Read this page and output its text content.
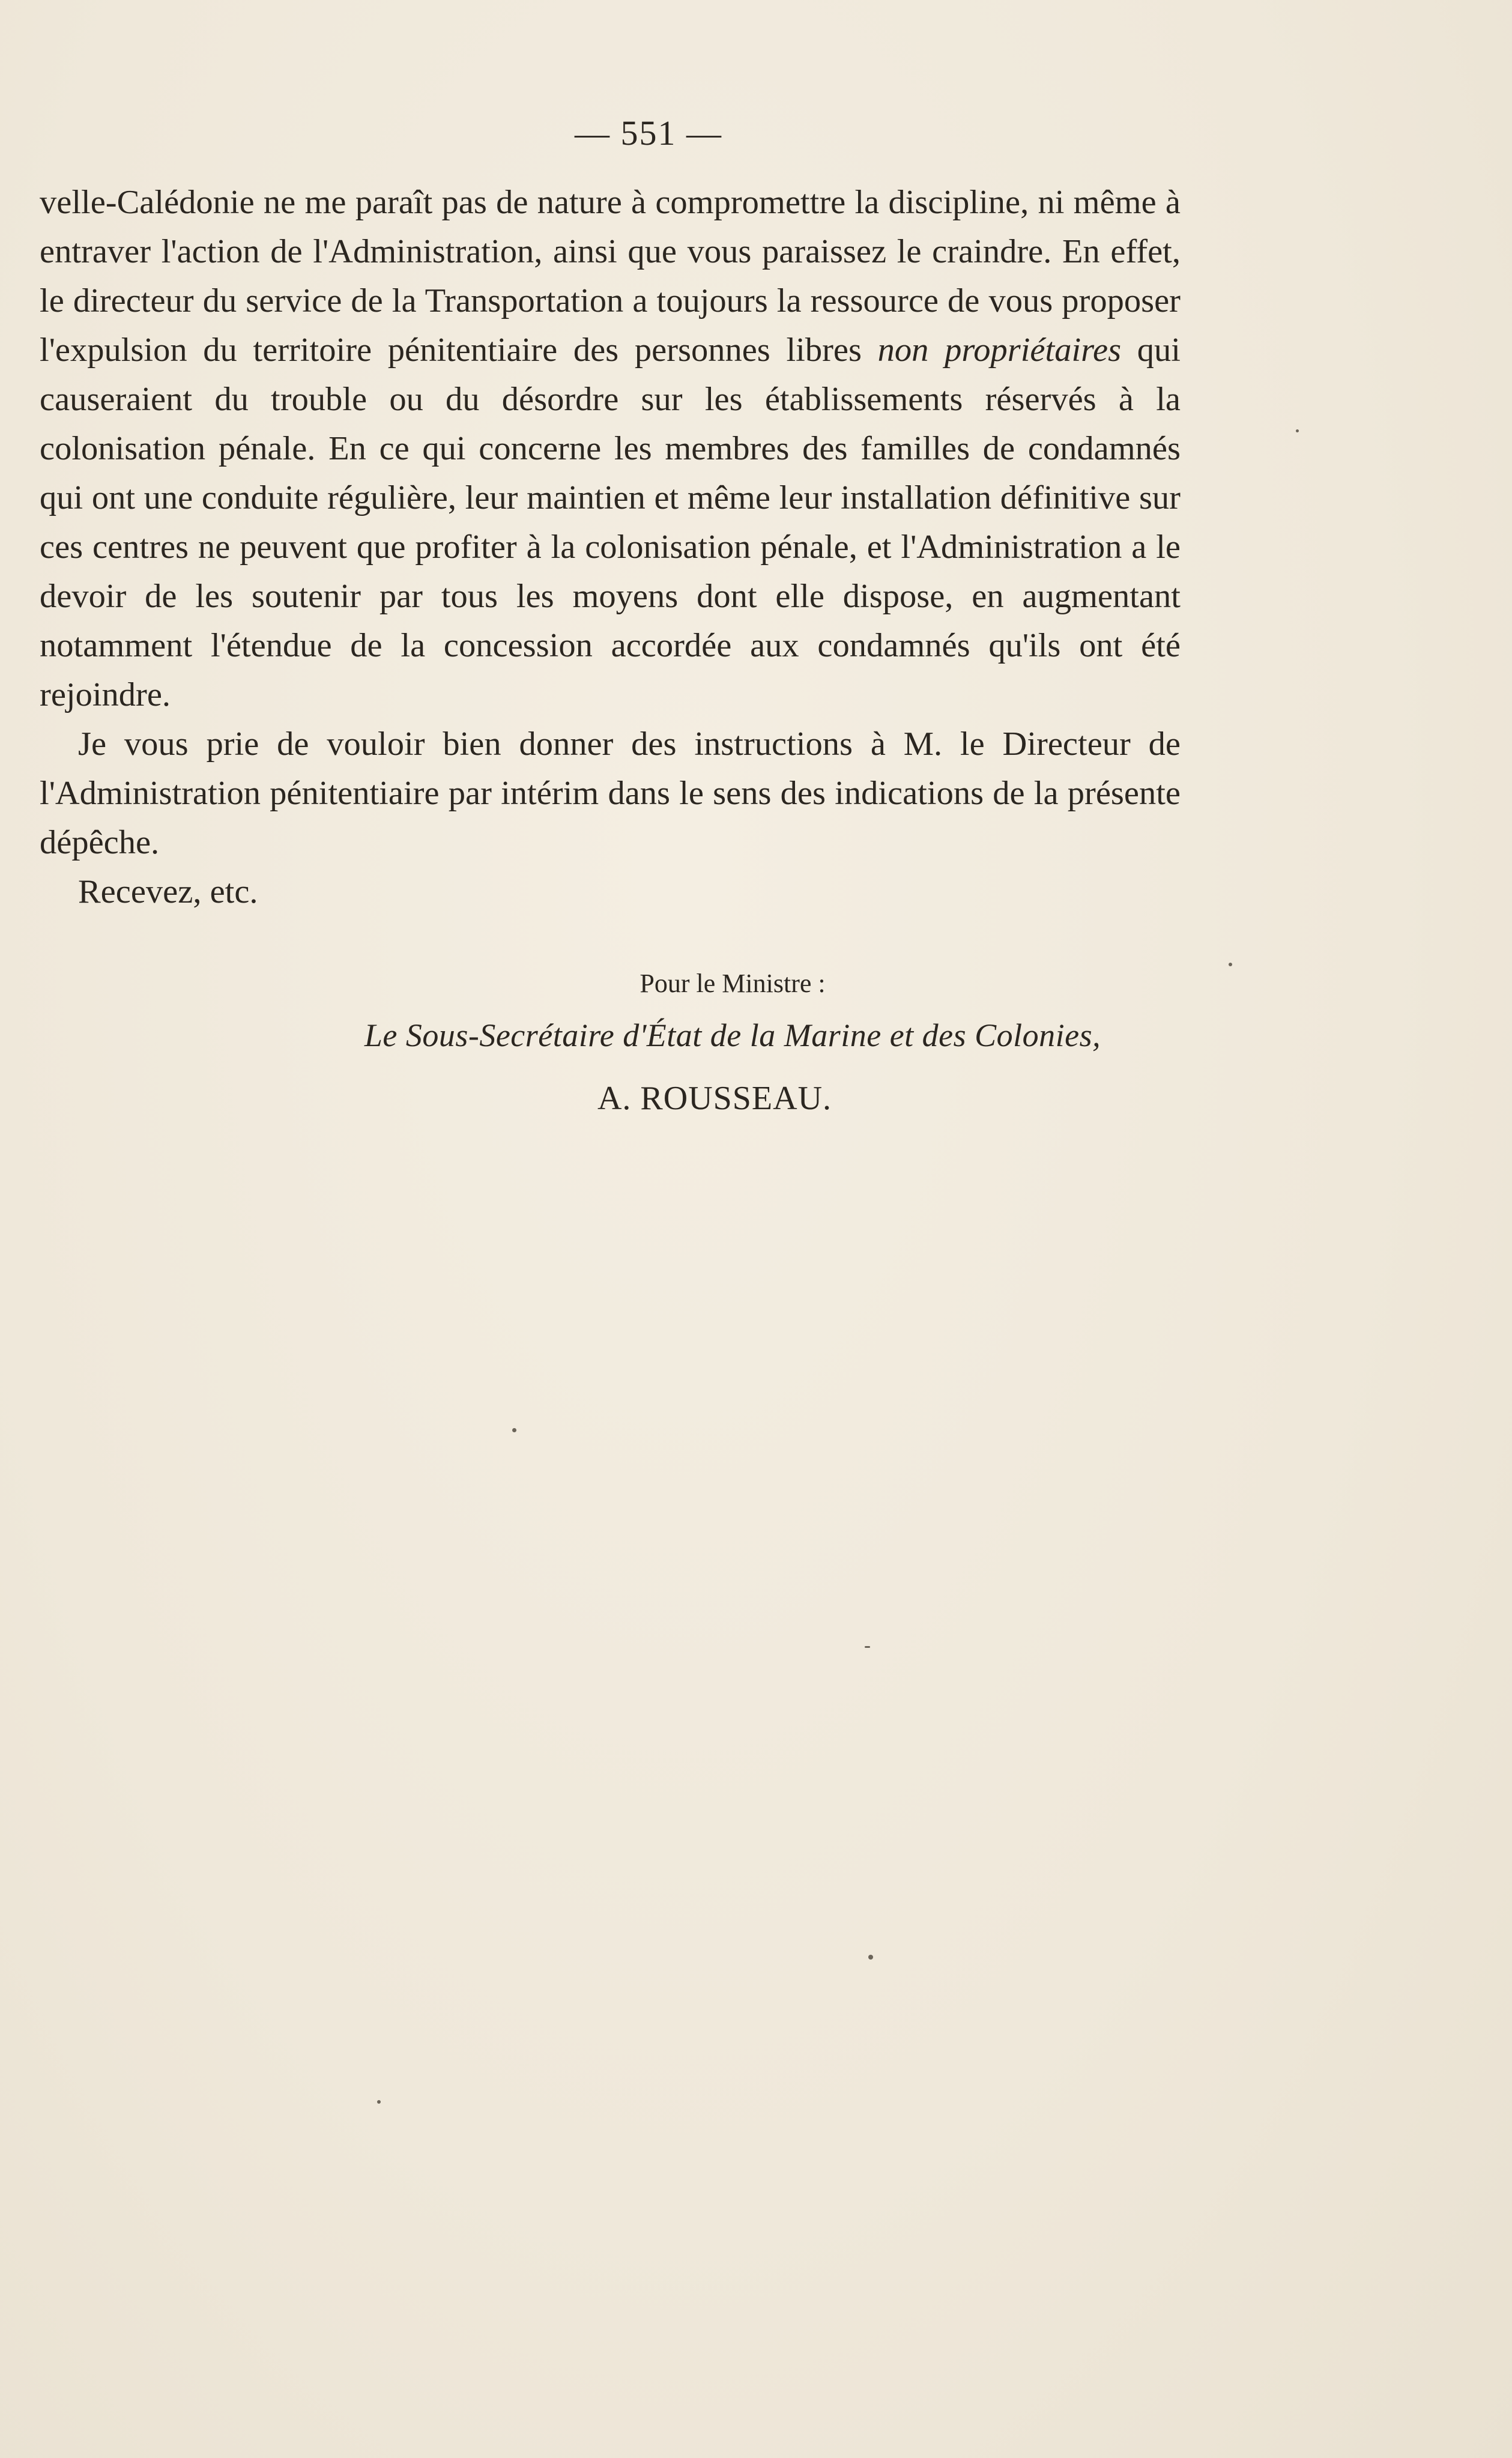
— 551 —

velle-Calédonie ne me paraît pas de nature à compromettre la discipline, ni même à entraver l'action de l'Administration, ainsi que vous paraissez le craindre. En effet, le directeur du service de la Transportation a toujours la ressource de vous proposer l'expulsion du territoire pénitentiaire des personnes libres non propriétaires qui causeraient du trouble ou du désordre sur les établissements réservés à la colonisation pénale. En ce qui concerne les membres des familles de condamnés qui ont une conduite régulière, leur maintien et même leur installation définitive sur ces centres ne peuvent que profiter à la colonisation pénale, et l'Administration a le devoir de les soutenir par tous les moyens dont elle dispose, en augmentant notamment l'étendue de la concession accordée aux condamnés qu'ils ont été rejoindre.

Je vous prie de vouloir bien donner des instructions à M. le Directeur de l'Administration pénitentiaire par intérim dans le sens des indications de la présente dépêche.

Recevez, etc.

Pour le Ministre :
Le Sous-Secrétaire d'État de la Marine et des Colonies,
A. ROUSSEAU.
